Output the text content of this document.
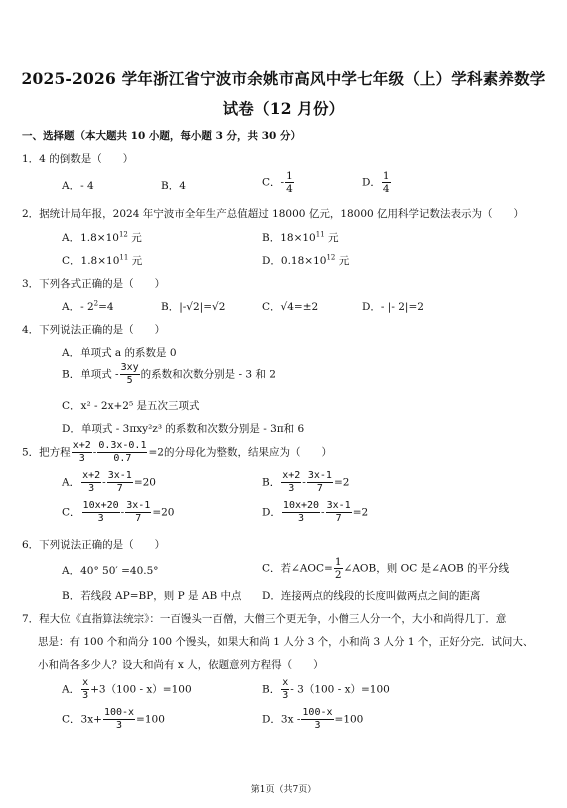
2025-2026 学年浙江省宁波市余姚市高风中学七年级（上）学科素养数学
试卷（12 月份）
一、选择题（本大题共 10 小题，每小题 3 分，共 30 分）
1．4 的倒数是（　　）
A．- 4	B．4	C．- $\frac{1}{4}$	D． $\frac{1}{4}$
2．据统计局年报，2024 年宁波市全年生产总值超过 18000 亿元，18000 亿用科学记数法表示为（　　）
A．$1.8\times 10^{12}$ 元	B．$18\times 10^{11}$ 元
C．$1.8\times 10^{11}$ 元	D．$0.18\times 10^{12}$ 元
3．下列各式正确的是（　　）
A．- $2^2=4$	B．|-√2|=√2	C．√4=±2	D．- |- 2|=2
4．下列说法正确的是（　　）
A．单项式 a 的系数是 0
B．单项式 - $\frac{3xy}{5}$ 的系数和次数分别是 - 3 和 2
C．x² - 2x+2⁵ 是五次三项式
D．单项式 - 3πxy²z³ 的系数和次数分别是 - 3π和 6
5．把方程 $\frac{x+2}{3} - \frac{0.3x-0.1}{0.7} =2$的分母化为整数，结果应为（　　）
A． $\frac{x+2}{3} - \frac{3x-1}{7} =20$	B． $\frac{x+2}{3} - \frac{3x-1}{7} =2$
C． $\frac{10x+20}{3} - \frac{3x-1}{7} =20$	D． $\frac{10x+20}{3} - \frac{3x-1}{7} =2$
6．下列说法正确的是（　　）
A．40° 50′ =40.5°	C．若∠AOC= $\frac{1}{2}$ ∠AOB，则 OC 是∠AOB 的平分线
B．若线段 AP=BP，则 P 是 AB 中点 D．连接两点的线段的长度叫做两点之间的距离
7．程大位《直指算法统宗》：一百馒头一百僧，大僧三个更无争，小僧三人分一个，大小和尚得几丁．意
思是：有 100 个和尚分 100 个馒头，如果大和尚 1 人分 3 个，小和尚 3 人分 1 个，正好分完．试问大、
小和尚各多少人？设大和尚有 x 人，依题意列方程得（　　）
A． $\frac{x}{3} +3(100 - x)=100$	B． $\frac{x}{3} - 3(100 - x)=100$
C．$3x+ \frac{100-x}{3} =100$	D．$3x - \frac{100-x}{3} =100$
第1页（共7页）
